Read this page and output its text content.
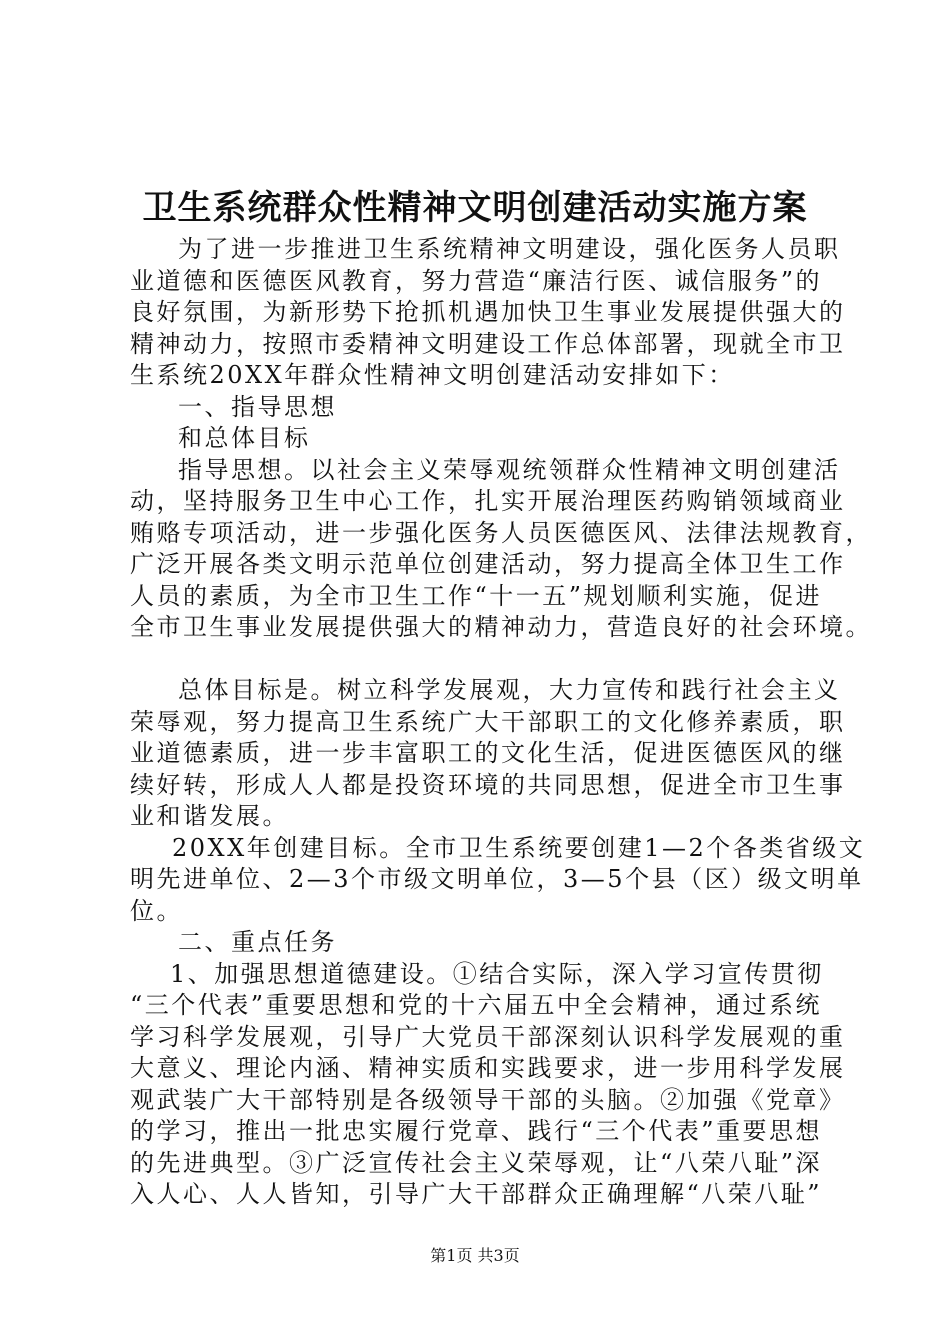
卫生系统群众性精神文明创建活动实施方案
为了进一步推进卫生系统精神文明建设，强化医务人员职
业道德和医德医风教育，努力营造“廉洁行医、诚信服务”的
良好氛围，为新形势下抢抓机遇加快卫生事业发展提供强大的
精神动力，按照市委精神文明建设工作总体部署，现就全市卫
生系统20XX年群众性精神文明创建活动安排如下：
一、指导思想
和总体目标
指导思想。以社会主义荣辱观统领群众性精神文明创建活
动，坚持服务卫生中心工作，扎实开展治理医药购销领域商业
贿赂专项活动，进一步强化医务人员医德医风、法律法规教育，
广泛开展各类文明示范单位创建活动，努力提高全体卫生工作
人员的素质，为全市卫生工作“十一五”规划顺利实施，促进
全市卫生事业发展提供强大的精神动力，营造良好的社会环境。
总体目标是。树立科学发展观，大力宣传和践行社会主义
荣辱观，努力提高卫生系统广大干部职工的文化修养素质，职
业道德素质，进一步丰富职工的文化生活，促进医德医风的继
续好转，形成人人都是投资环境的共同思想，促进全市卫生事
业和谐发展。
20XX年创建目标。全市卫生系统要创建1—2个各类省级文
明先进单位、2—3个市级文明单位，3—5个县（区）级文明单
位。
二、重点任务
1、加强思想道德建设。①结合实际，深入学习宣传贯彻
“三个代表”重要思想和党的十六届五中全会精神，通过系统
学习科学发展观，引导广大党员干部深刻认识科学发展观的重
大意义、理论内涵、精神实质和实践要求，进一步用科学发展
观武装广大干部特别是各级领导干部的头脑。②加强《党章》
的学习，推出一批忠实履行党章、践行“三个代表”重要思想
的先进典型。③广泛宣传社会主义荣辱观，让“八荣八耻”深
入人心、人人皆知，引导广大干部群众正确理解“八荣八耻”
第1页 共3页
